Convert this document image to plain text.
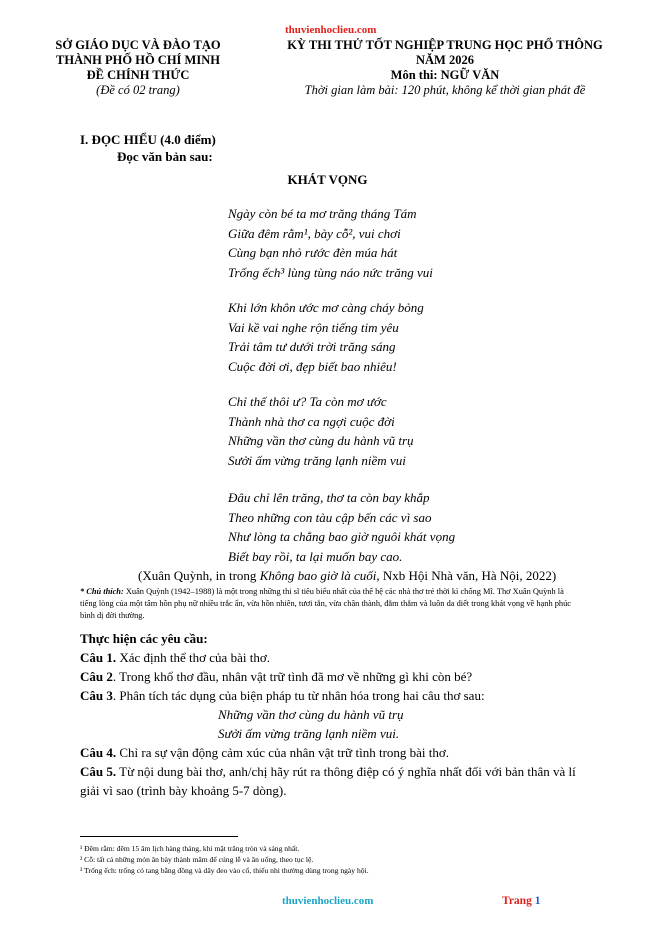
thuvienhoclieu.com
SỞ GIÁO DỤC VÀ ĐÀO TẠO
THÀNH PHỐ HỒ CHÍ MINH
ĐỀ CHÍNH THỨC
(Đề có 02 trang)
KỲ THI THỬ TỐT NGHIỆP TRUNG HỌC PHỔ THÔNG
NĂM 2026
Môn thi: NGỮ VĂN
Thời gian làm bài: 120 phút, không kể thời gian phát đề
I. ĐỌC HIỂU (4.0 điểm)
Đọc văn bản sau:
KHÁT VỌNG
Ngày còn bé ta mơ trăng tháng Tám
Giữa đêm rằm¹, bày cỗ², vui chơi
Cùng bạn nhỏ rước đèn múa hát
Trống ếch³ lùng tùng náo nức trăng vui
Khi lớn khôn ước mơ càng cháy bỏng
Vai kề vai nghe rộn tiếng tim yêu
Trải tâm tư dưới trời trăng sáng
Cuộc đời ơi, đẹp biết bao nhiêu!
Chỉ thế thôi ư? Ta còn mơ ước
Thành nhà thơ ca ngợi cuộc đời
Những vần thơ cùng du hành vũ trụ
Sưởi ấm vừng trăng lạnh niềm vui
Đâu chỉ lên trăng, thơ ta còn bay khắp
Theo những con tàu cập bến các vì sao
Như lòng ta chẳng bao giờ nguôi khát vọng
Biết bay rồi, ta lại muốn bay cao.
(Xuân Quỳnh, in trong Không bao giờ là cuối, Nxb Hội Nhà văn, Hà Nội, 2022)
* Chú thích: Xuân Quỳnh (1942–1988) là một trong những thi sĩ tiêu biểu nhất của thế hệ các nhà thơ trẻ thời kì chống Mĩ. Thơ Xuân Quỳnh là tiếng lòng của một tâm hồn phụ nữ nhiều trắc ẩn, vừa hồn nhiên, tươi tắn, vừa chân thành, đằm thắm và luôn da diết trong khát vọng về hạnh phúc bình dị đời thường.
Thực hiện các yêu cầu:
Câu 1. Xác định thể thơ của bài thơ.
Câu 2. Trong khổ thơ đầu, nhân vật trữ tình đã mơ về những gì khi còn bé?
Câu 3. Phân tích tác dụng của biện pháp tu từ nhân hóa trong hai câu thơ sau:
Những vần thơ cùng du hành vũ trụ
Sưởi ấm vừng trăng lạnh niềm vui.
Câu 4. Chỉ ra sự vận động cảm xúc của nhân vật trữ tình trong bài thơ.
Câu 5. Từ nội dung bài thơ, anh/chị hãy rút ra thông điệp có ý nghĩa nhất đối với bản thân và lí giải vì sao (trình bày khoảng 5-7 dòng).
¹ Đêm rằm: đêm 15 âm lịch hàng tháng, khi mặt trăng tròn và sáng nhất.
² Cỗ: tất cả những món ăn bày thành mâm để cúng lễ và ăn uống, theo tục lệ.
³ Trống ếch: trống có tang bằng đồng và dây đeo vào cổ, thiếu nhi thường dùng trong ngày hội.
thuvienhoclieu.com	Trang 1
